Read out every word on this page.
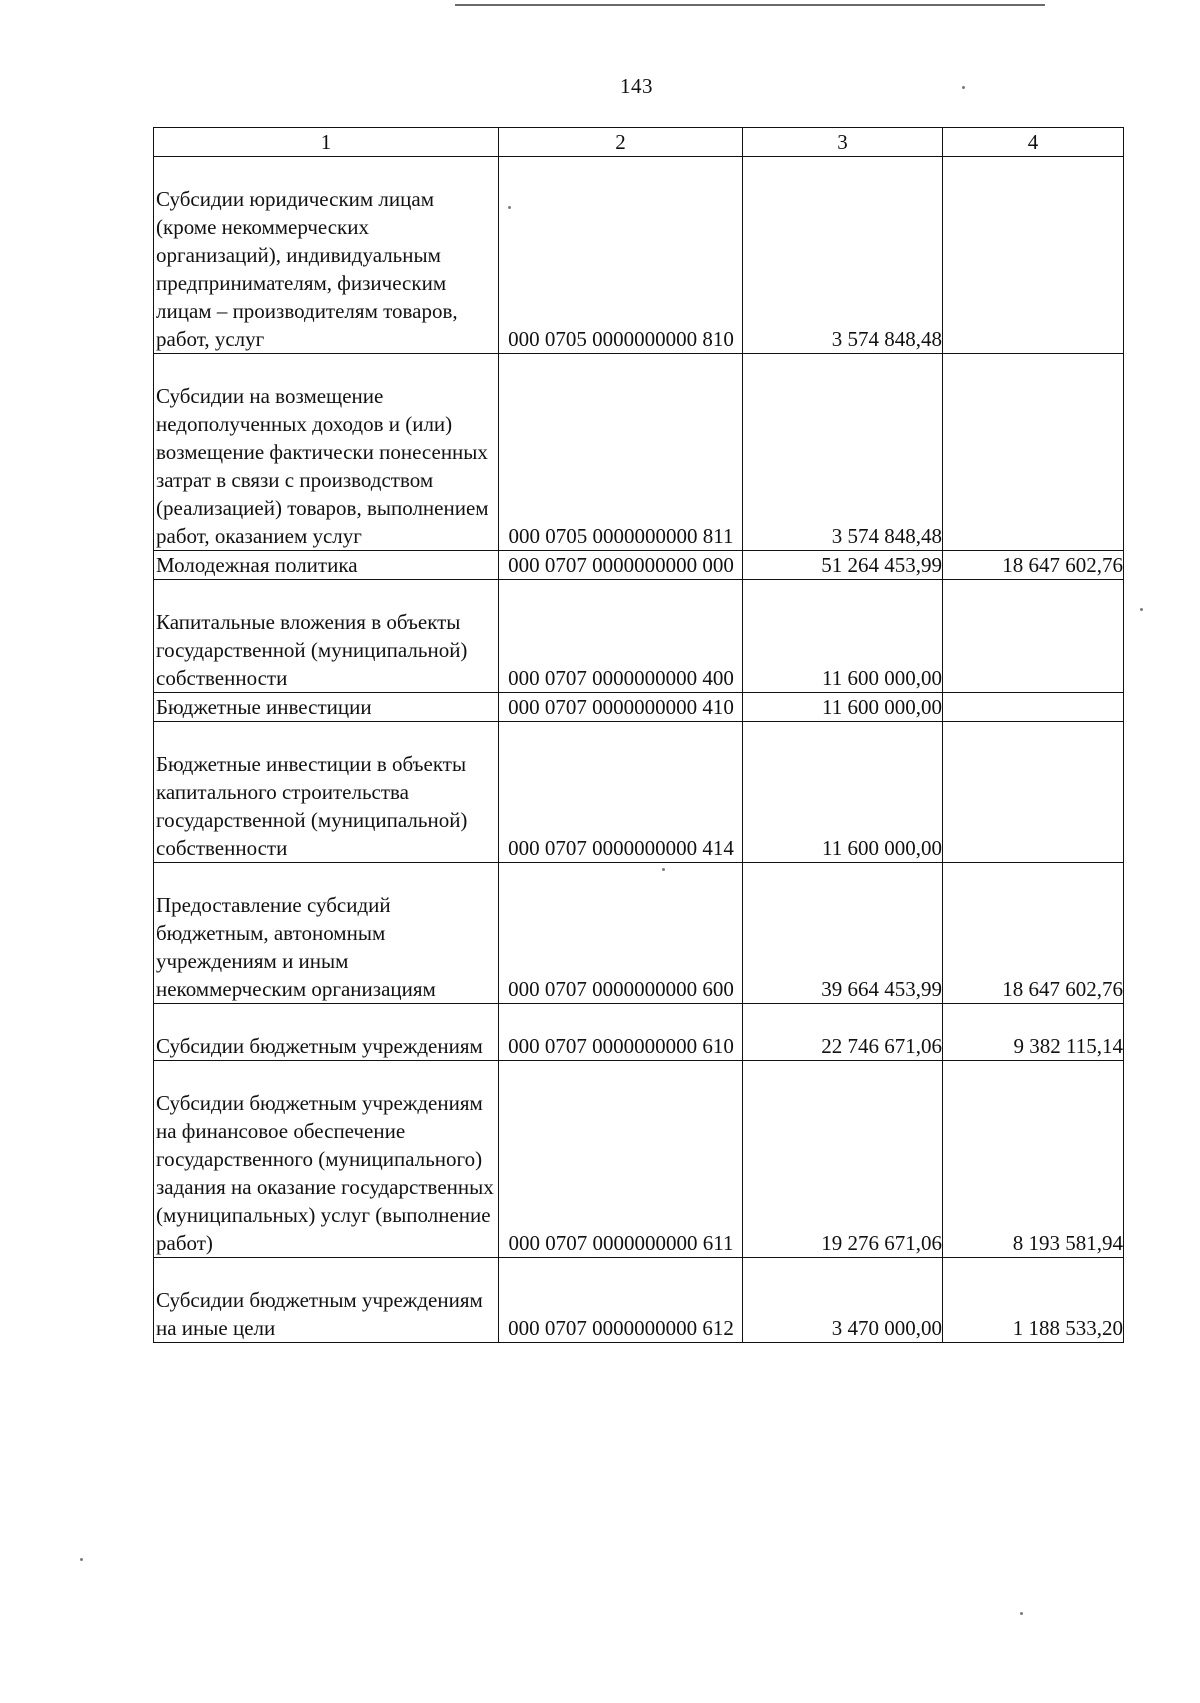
143
1	2	3	4
Субсидии юридическим лицам (кроме некоммерческих организаций), индивидуальным предпринимателям, физическим лицам – производителям товаров, работ, услуг	000 0705 0000000000 810	3 574 848,48	
Субсидии на возмещение недополученных доходов и (или) возмещение фактически понесенных затрат в связи с производством (реализацией) товаров, выполнением работ, оказанием услуг	000 0705 0000000000 811	3 574 848,48	
Молодежная политика	000 0707 0000000000 000	51 264 453,99	18 647 602,76
Капитальные вложения в объекты государственной (муниципальной) собственности	000 0707 0000000000 400	11 600 000,00	
Бюджетные инвестиции	000 0707 0000000000 410	11 600 000,00	
Бюджетные инвестиции в объекты капитального строительства государственной (муниципальной) собственности	000 0707 0000000000 414	11 600 000,00	
Предоставление субсидий бюджетным, автономным учреждениям и иным некоммерческим организациям	000 0707 0000000000 600	39 664 453,99	18 647 602,76
Субсидии бюджетным учреждениям	000 0707 0000000000 610	22 746 671,06	9 382 115,14
Субсидии бюджетным учреждениям на финансовое обеспечение государственного (муниципального) задания на оказание государственных (муниципальных) услуг (выполнение работ)	000 0707 0000000000 611	19 276 671,06	8 193 581,94
Субсидии бюджетным учреждениям на иные цели	000 0707 0000000000 612	3 470 000,00	1 188 533,20
